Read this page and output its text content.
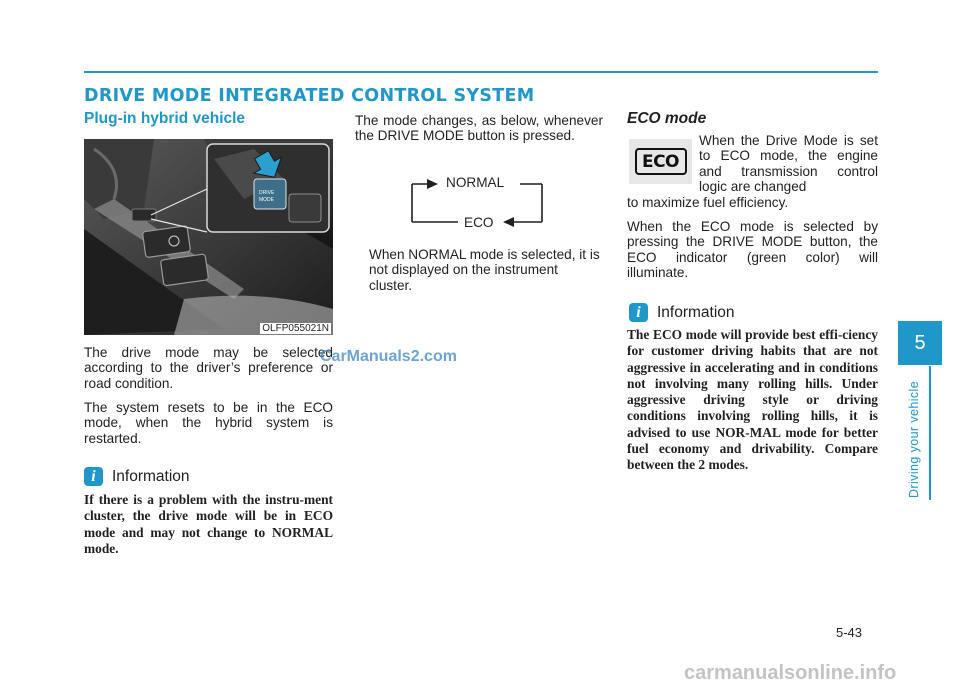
DRIVE MODE INTEGRATED CONTROL SYSTEM
Plug-in hybrid vehicle
DRIVE
MODE
OLFP055021N
The drive mode may be selected according to the driver’s preference or road condition.
The system resets to be in the ECO mode, when the hybrid system is restarted.
i	Information
If there is a problem with the instru-ment cluster, the drive mode will be in ECO mode and may not change to NORMAL mode.
The mode changes, as below, whenever the DRIVE MODE button is pressed.
NORMAL
ECO
When NORMAL mode is selected, it is not displayed on the instrument cluster.
ECO mode
ECO
When the Drive Mode is set to ECO mode, the engine and transmission control logic are changed
to maximize fuel efficiency.
When the ECO mode is selected by pressing the DRIVE MODE button, the ECO indicator (green color) will illuminate.
i	Information
The ECO mode will provide best effi-ciency for customer driving habits that are not aggressive in accelerating and in conditions not involving many rolling hills. Under aggressive driving style or driving conditions involving rolling hills, it is advised to use NOR-MAL mode for better fuel economy and drivability. Compare between the 2 modes.
5
Driving your vehicle
5-43
CarManuals2.com
carmanualsonline.info
